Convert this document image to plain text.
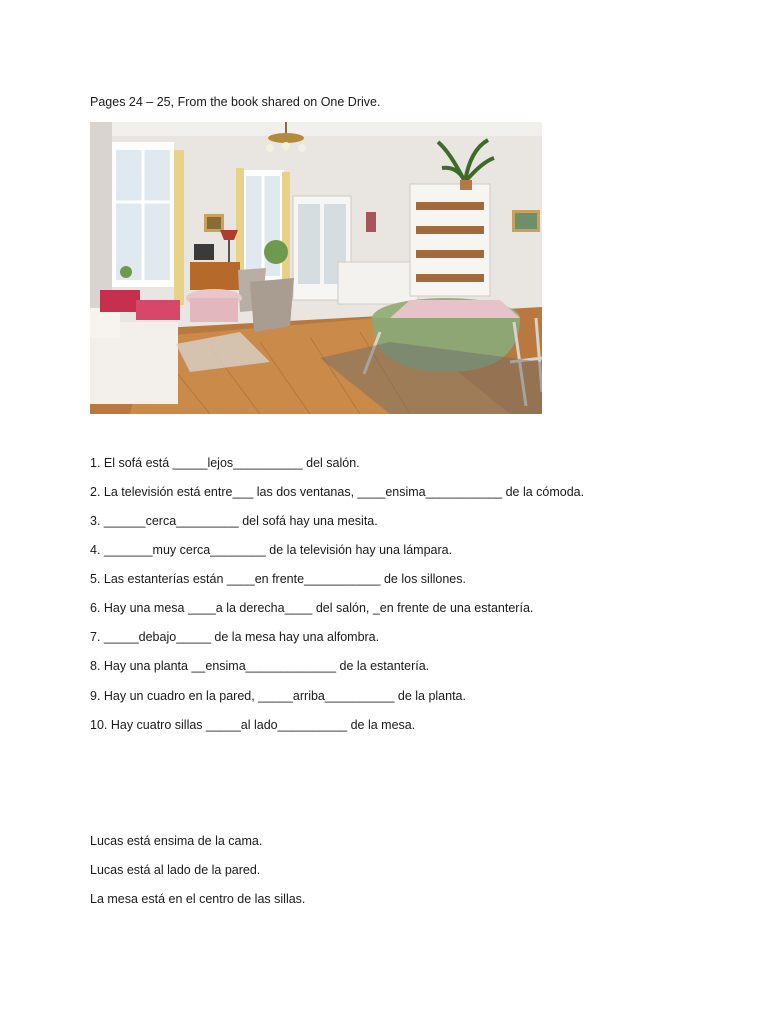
Pages 24 – 25, From the book shared on One Drive.
1. El sofá está _____lejos__________ del salón.
2. La televisión está entre___ las dos ventanas, ____ensima___________ de la cómoda.
3. ______cerca_________ del sofá hay una mesita.
4. _______muy cerca________ de la televisión hay una lámpara.
5. Las estanterías están ____en frente___________ de los sillones.
6. Hay una mesa ____a la derecha____ del salón, _en frente de una estantería.
7. _____debajo_____ de la mesa hay una alfombra.
8. Hay una planta __ensima_____________ de la estantería.
9. Hay un cuadro en la pared, _____arriba__________ de la planta.
10. Hay cuatro sillas _____al lado__________ de la mesa.
Lucas está ensima de la cama.
Lucas está al lado de la pared.
La mesa está en el centro de las sillas.
